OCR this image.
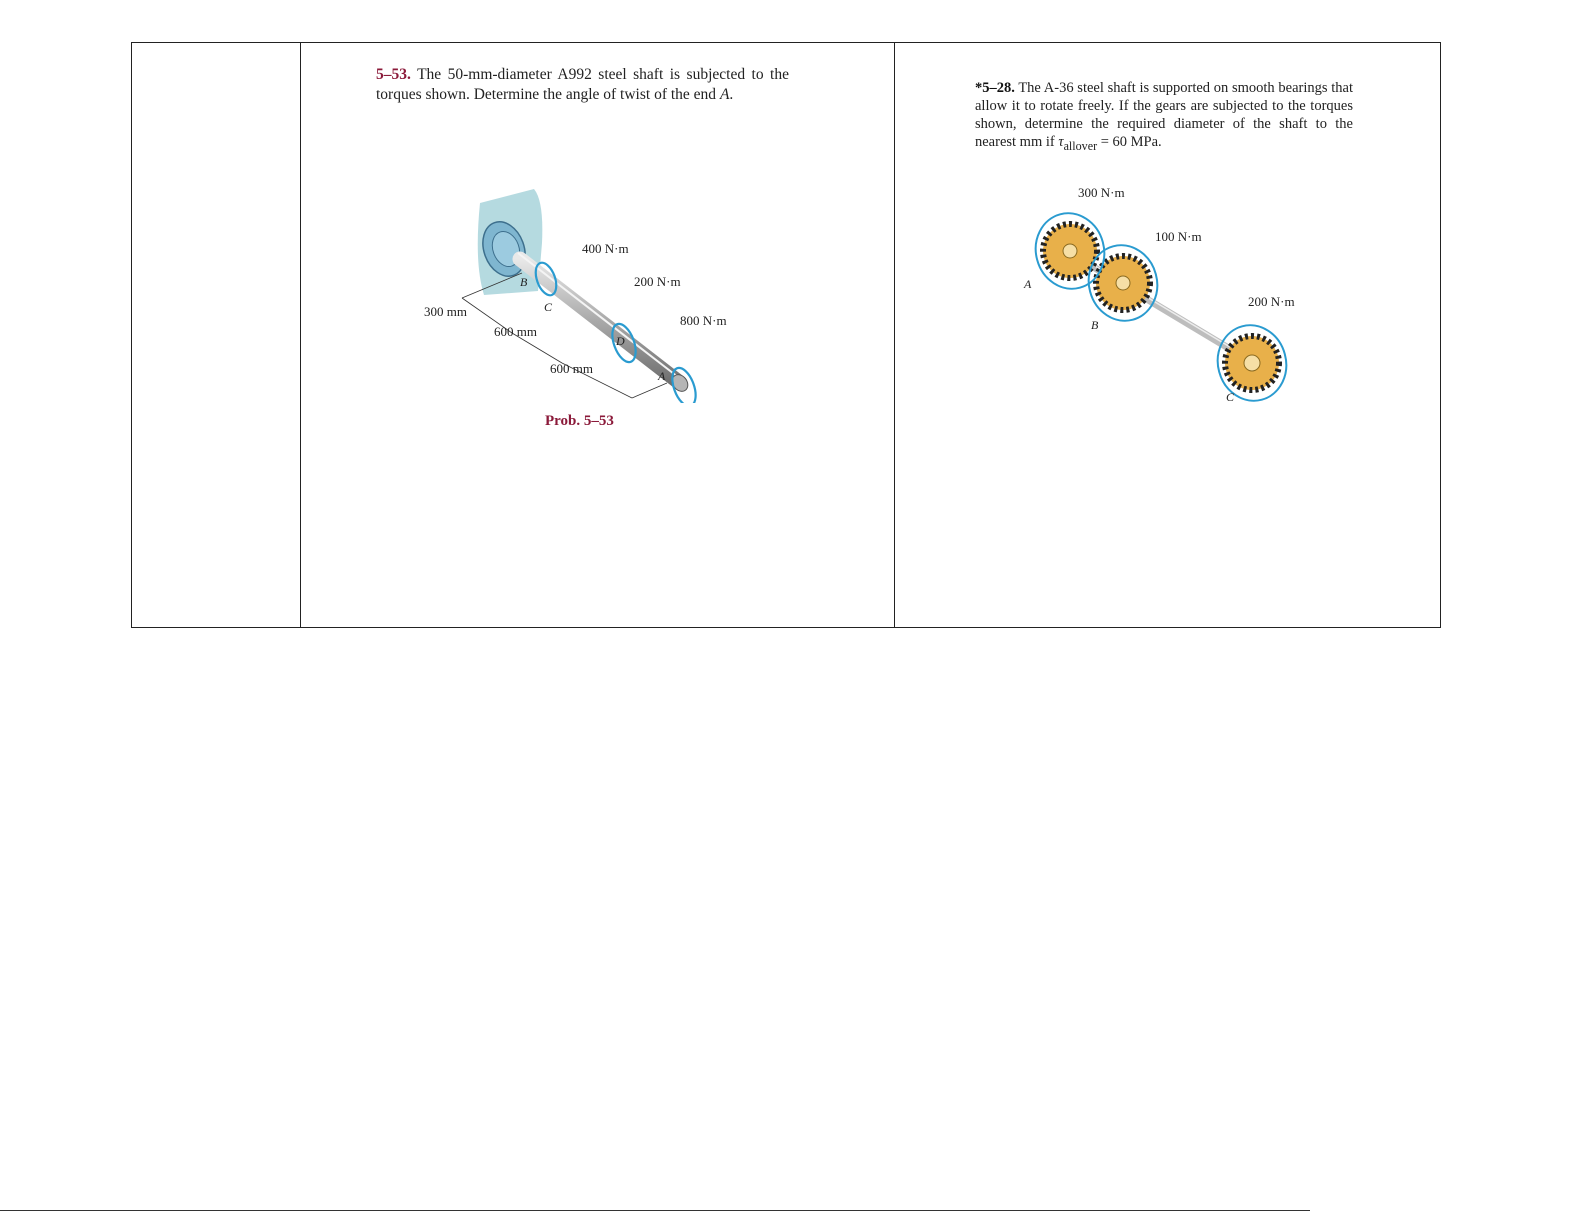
5–53. The 50-mm-diameter A992 steel shaft is subjected to the torques shown. Determine the angle of twist of the end A.
400 N·m
200 N·m
800 N·m
300 mm
600 mm
600 mm
B
C
D
A
Prob. 5–53
*5–28. The A-36 steel shaft is supported on smooth bearings that allow it to rotate freely. If the gears are subjected to the torques shown, determine the required diameter of the shaft to the nearest mm if $\tau_{allover} = 60$ MPa.
300 N·m
100 N·m
200 N·m
A
B
C
